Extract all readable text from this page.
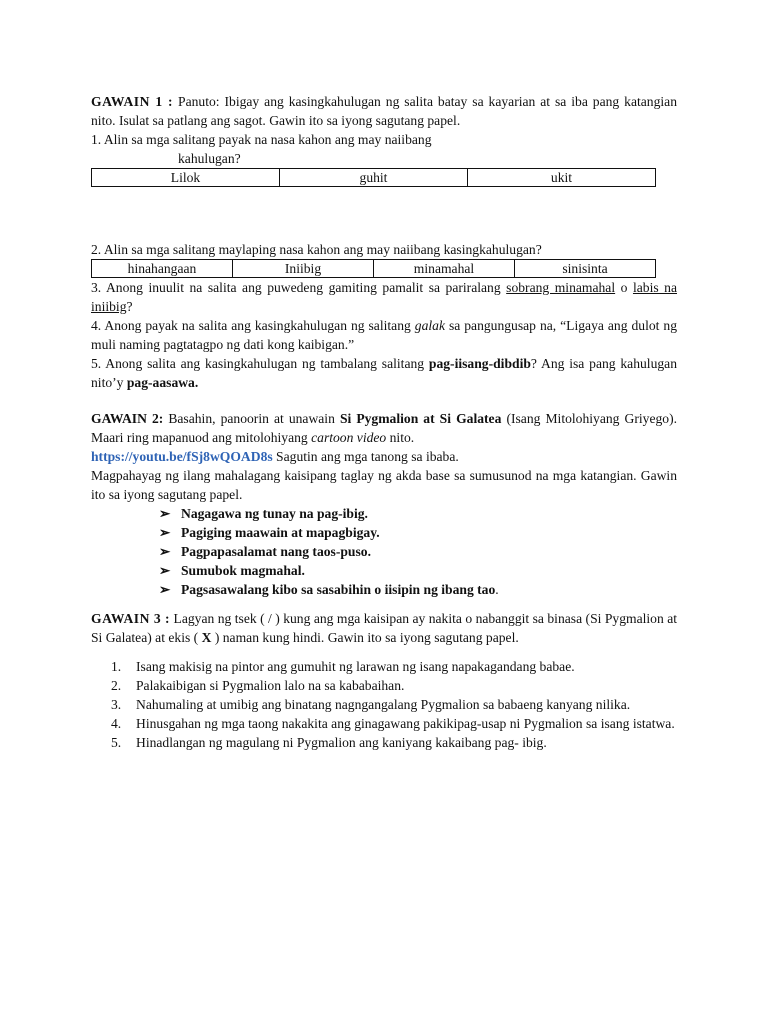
GAWAIN 1 : Panuto: Ibigay ang kasingkahulugan ng salita batay sa kayarian at sa iba pang katangian nito. Isulat sa patlang ang sagot. Gawin ito sa iyong sagutang papel.

1. Alin sa mga salitang payak na nasa kahon ang may naiibang

kahulugan?

Lilok	guhit	ukit

2. Alin sa mga salitang maylaping nasa kahon ang may naiibang kasingkahulugan?

hinahangaan	Iniibig	minamahal	sinisinta

3. Anong inuulit na salita ang puwedeng gamiting pamalit sa pariralang sobrang minamahal o labis na iniibig?

4. Anong payak na salita ang kasingkahulugan ng salitang galak sa pangungusap na, “Ligaya ang dulot ng muli naming pagtatagpo ng dati kong kaibigan.”

5. Anong salita ang kasingkahulugan ng tambalang salitang pag-iisang-dibdib? Ang isa pang kahulugan nito’y pag-aasawa.

GAWAIN 2: Basahin, panoorin at unawain Si Pygmalion at Si Galatea (Isang Mitolohiyang Griyego). Maari ring mapanuod ang mitolohiyang cartoon video nito.
https://youtu.be/fSj8wQOAD8s Sagutin ang mga tanong sa ibaba.

Magpahayag ng ilang mahalagang kaisipang taglay ng akda base sa sumusunod na mga katangian. Gawin ito sa iyong sagutang papel.

➢ Nagagawa ng tunay na pag-ibig.
➢ Pagiging maawain at mapagbigay.
➢ Pagpapasalamat nang taos-puso.
➢ Sumubok magmahal.
➢ Pagsasawalang kibo sa sasabihin o iisipin ng ibang tao.

GAWAIN 3 : Lagyan ng tsek ( / ) kung ang mga kaisipan ay nakita o nabanggit sa binasa (Si Pygmalion at Si Galatea) at ekis ( X ) naman kung hindi. Gawin ito sa iyong sagutang papel.

1. Isang makisig na pintor ang gumuhit ng larawan ng isang napakagandang babae.
2. Palakaibigan si Pygmalion lalo na sa kababaihan.
3. Nahumaling at umibig ang binatang nagngangalang Pygmalion sa babaeng kanyang nilika.
4. Hinusgahan ng mga taong nakakita ang ginagawang pakikipag-usap ni Pygmalion sa isang istatwa.
5. Hinadlangan ng magulang ni Pygmalion ang kaniyang kakaibang pag- ibig.
